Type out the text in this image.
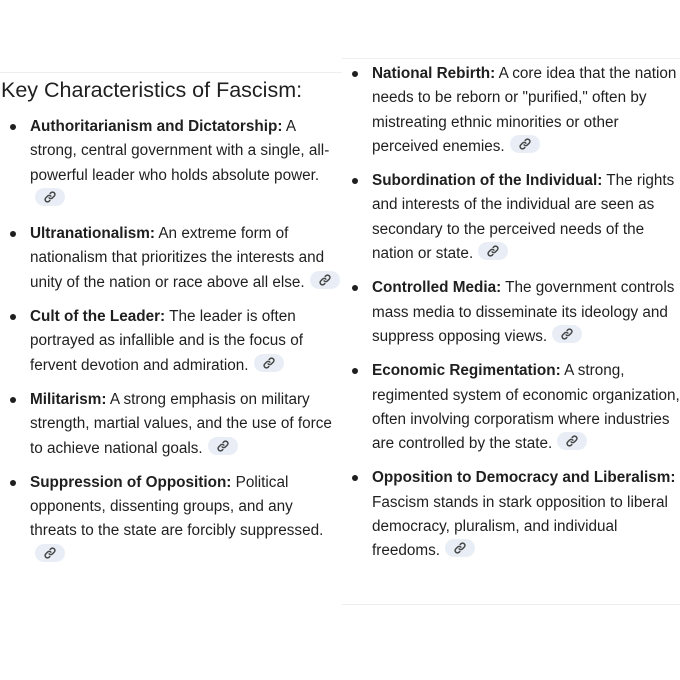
Key Characteristics of Fascism:
Authoritarianism and Dictatorship: A strong, central government with a single, all-powerful leader who holds absolute power.
Ultranationalism: An extreme form of nationalism that prioritizes the interests and unity of the nation or race above all else.
Cult of the Leader: The leader is often portrayed as infallible and is the focus of fervent devotion and admiration.
Militarism: A strong emphasis on military strength, martial values, and the use of force to achieve national goals.
Suppression of Opposition: Political opponents, dissenting groups, and any threats to the state are forcibly suppressed.
National Rebirth: A core idea that the nation needs to be reborn or "purified," often by mistreating ethnic minorities or other perceived enemies.
Subordination of the Individual: The rights and interests of the individual are seen as secondary to the perceived needs of the nation or state.
Controlled Media: The government controls mass media to disseminate its ideology and suppress opposing views.
Economic Regimentation: A strong, regimented system of economic organization, often involving corporatism where industries are controlled by the state.
Opposition to Democracy and Liberalism: Fascism stands in stark opposition to liberal democracy, pluralism, and individual freedoms.
